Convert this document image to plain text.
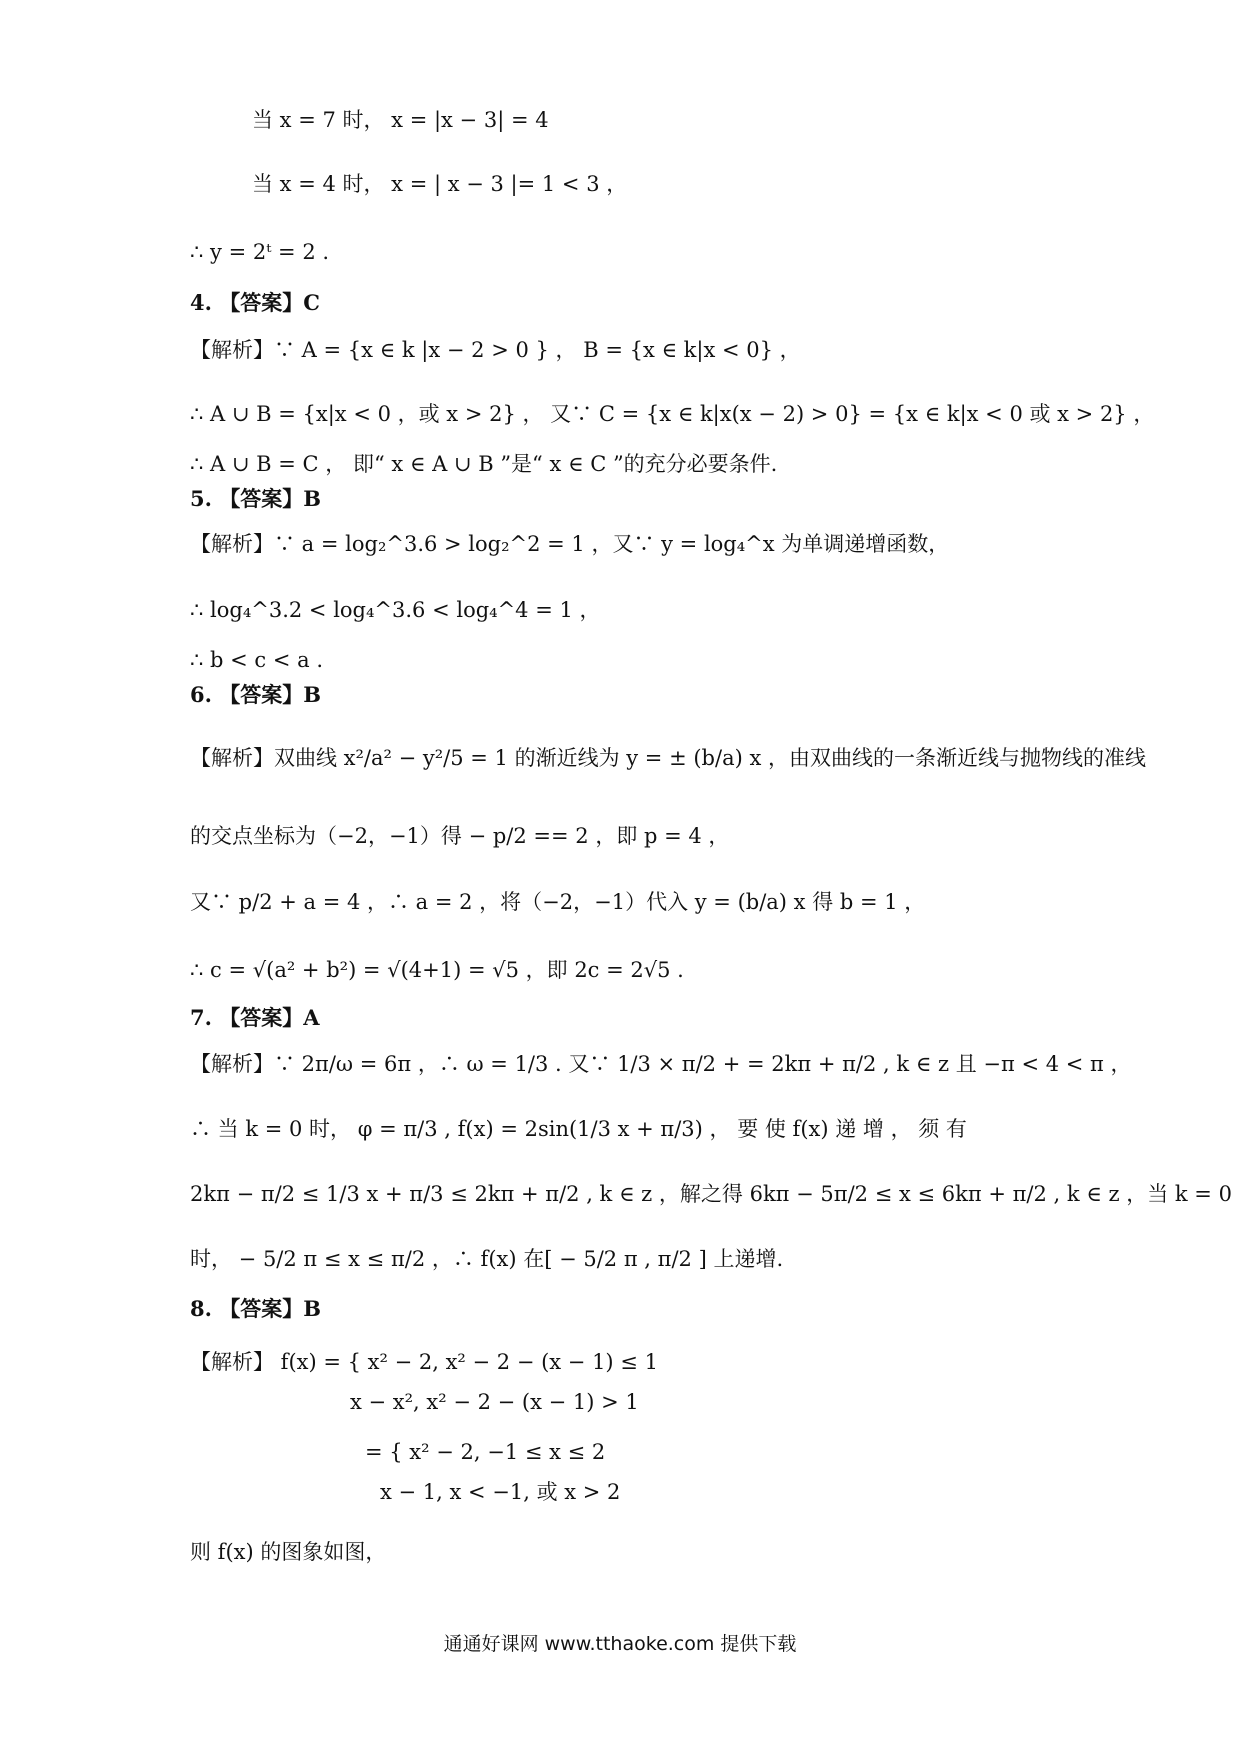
当 x = 7 时， x = |x − 3| = 4
当 x = 4 时， x = | x − 3 |= 1 < 3 ，
∴ y = 2ᵗ = 2 .
4. 【答案】C
【解析】∵ A = {x ∈ k |x − 2 > 0 } ， B = {x ∈ k|x < 0} ，
∴ A ∪ B = {x|x < 0 ，或 x > 2} ， 又∵ C = {x ∈ k|x(x − 2) > 0} = {x ∈ k|x < 0 或 x > 2} ，
∴ A ∪ B = C ， 即“ x ∈ A ∪ B ”是“ x ∈ C ”的充分必要条件.
5. 【答案】B
【解析】∵ a = log₂^3.6 > log₂^2 = 1 ，又∵ y = log₄^x 为单调递增函数，
∴ log₄^3.2 < log₄^3.6 < log₄^4 = 1 ，
∴ b < c < a .
6. 【答案】B
【解析】双曲线 x²/a² − y²/5 = 1 的渐近线为 y = ± (b/a) x ，由双曲线的一条渐近线与抛物线的准线
的交点坐标为（−2，−1）得 − p/2 == 2 ，即 p = 4 ，
又∵ p/2 + a = 4 ，∴ a = 2 ，将（−2，−1）代入 y = (b/a) x 得 b = 1 ，
∴ c = √(a² + b²) = √(4+1) = √5 ，即 2c = 2√5 .
7. 【答案】A
【解析】∵ 2π/ω = 6π ，∴ ω = 1/3 . 又∵ 1/3 × π/2 + = 2kπ + π/2 , k ∈ z 且 −π < 4 < π ，
∴ 当 k = 0 时， φ = π/3 , f(x) = 2sin(1/3 x + π/3) ， 要 使 f(x) 递 增 ， 须 有
2kπ − π/2 ≤ 1/3 x + π/3 ≤ 2kπ + π/2 , k ∈ z ，解之得 6kπ − 5π/2 ≤ x ≤ 6kπ + π/2 , k ∈ z ，当 k = 0
时， − 5/2 π ≤ x ≤ π/2 ，∴ f(x) 在[ − 5/2 π , π/2 ] 上递增.
8. 【答案】B
【解析】 f(x) = { x² − 2, x² − 2 − (x − 1) ≤ 1
x − x², x² − 2 − (x − 1) > 1
= { x² − 2, −1 ≤ x ≤ 2
x − 1, x < −1, 或 x > 2
则 f(x) 的图象如图，
通通好课网 www.tthaoke.com 提供下载
